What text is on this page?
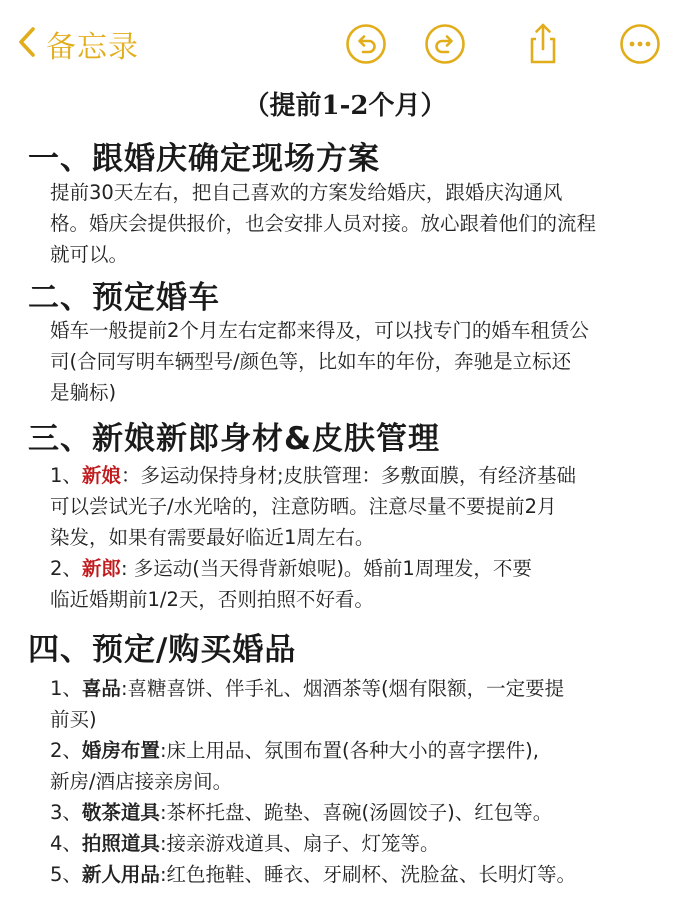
备忘录
（提前1-2个月）
一、跟婚庆确定现场方案
提前30天左右，把自己喜欢的方案发给婚庆，跟婚庆沟通风
格。婚庆会提供报价，也会安排人员对接。放心跟着他们的流程
就可以。
二、预定婚车
婚车一般提前2个月左右定都来得及，可以找专门的婚车租赁公
司(合同写明车辆型号/颜色等，比如车的年份，奔驰是立标还
是躺标)
三、新娘新郎身材&皮肤管理
1、新娘：多运动保持身材;皮肤管理：多敷面膜，有经济基础
可以尝试光子/水光啥的，注意防晒。注意尽量不要提前2月
染发，如果有需要最好临近1周左右。
2、新郎: 多运动(当天得背新娘呢)。婚前1周理发，不要
临近婚期前1/2天，否则拍照不好看。
四、预定/购买婚品
1、喜品:喜糖喜饼、伴手礼、烟酒茶等(烟有限额，一定要提
前买)
2、婚房布置:床上用品、氛围布置(各种大小的喜字摆件),
新房/酒店接亲房间。
3、敬茶道具:茶杯托盘、跪垫、喜碗(汤圆饺子)、红包等。
4、拍照道具:接亲游戏道具、扇子、灯笼等。
5、新人用品:红色拖鞋、睡衣、牙刷杯、洗脸盆、长明灯等。
